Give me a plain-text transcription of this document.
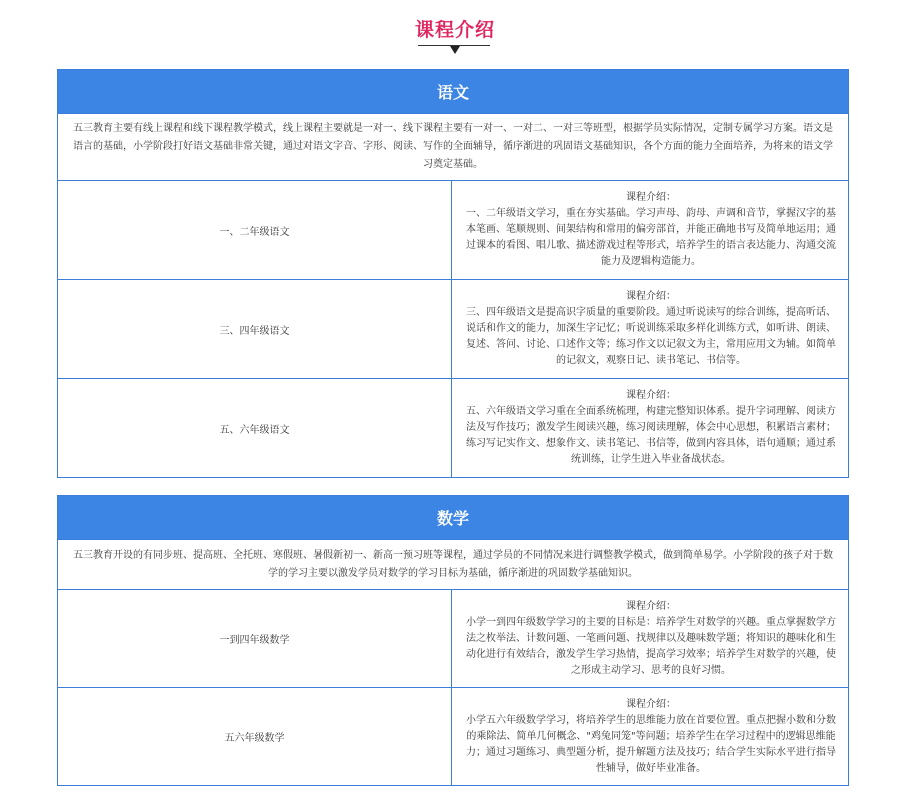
课程介绍
语文
五三教育主要有线上课程和线下课程教学模式，线上课程主要就是一对一、线下课程主要有一对一、一对二、一对三等班型，根据学员实际情况，定制专属学习方案。语文是语言的基础，小学阶段打好语文基础非常关键，通过对语文字音、字形、阅读、写作的全面辅导，循序渐进的巩固语文基础知识，各个方面的能力全面培养，为将来的语文学习奠定基础。
一、二年级语文
课程介绍：
一、二年级语文学习，重在夯实基础。学习声母、韵母、声调和音节，掌握汉字的基本笔画、笔顺规则、间架结构和常用的偏旁部首，并能正确地书写及简单地运用；通过课本的看图、唱儿歌、描述游戏过程等形式，培养学生的语言表达能力、沟通交流能力及逻辑构造能力。
三、四年级语文
课程介绍：
三、四年级语文是提高识字质量的重要阶段。通过听说读写的综合训练，提高听话、说话和作文的能力，加深生字记忆；听说训练采取多样化训练方式，如听讲、朗读、复述、答问、讨论、口述作文等；练习作文以记叙文为主，常用应用文为辅。如简单的记叙文，观察日记、读书笔记、书信等。
五、六年级语文
课程介绍：
五、六年级语文学习重在全面系统梳理，构建完整知识体系。提升字词理解、阅读方法及写作技巧；激发学生阅读兴趣，练习阅读理解，体会中心思想，积累语言素材；练习写记实作文、想象作文、读书笔记、书信等，做到内容具体，语句通顺；通过系统训练，让学生进入毕业备战状态。
数学
五三教育开设的有同步班、提高班、全托班、寒假班、暑假新初一、新高一预习班等课程，通过学员的不同情况来进行调整教学模式，做到简单易学。小学阶段的孩子对于数学的学习主要以激发学员对数学的学习目标为基础，循序渐进的巩固数学基础知识。
一到四年级数学
课程介绍：
小学一到四年级数学学习的主要的目标是：培养学生对数学的兴趣。重点掌握数学方法之枚举法、计数问题、一笔画问题、找规律以及趣味数学题；将知识的趣味化和生动化进行有效结合，激发学生学习热情，提高学习效率；培养学生对数学的兴趣，使之形成主动学习、思考的良好习惯。
五六年级数学
课程介绍：
小学五六年级数学学习，将培养学生的思维能力放在首要位置。重点把握小数和分数的乘除法、简单几何概念、"鸡兔同笼"等问题；培养学生在学习过程中的逻辑思维能力；通过习题练习、典型题分析，提升解题方法及技巧；结合学生实际水平进行指导性辅导，做好毕业准备。
